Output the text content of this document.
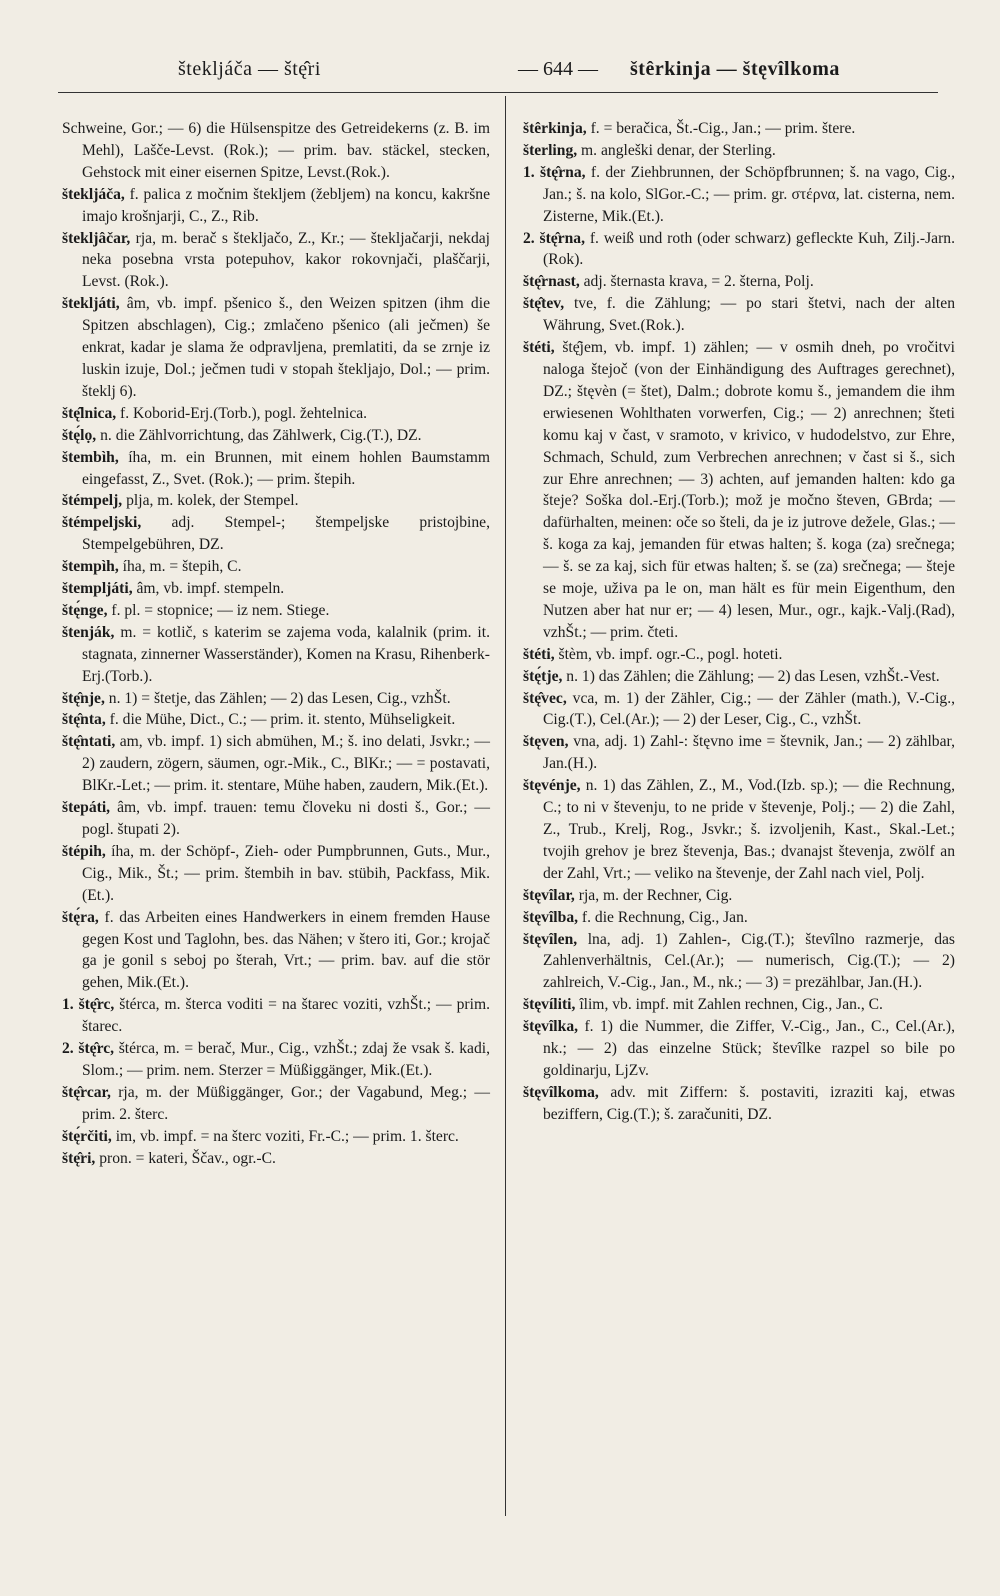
šteklјáča — štę̂ri	— 644 — štêrkinja — štęvîlkoma

Schweine, Gor.; — 6) die Hülsenspitze des Getreidekerns (z. B. im Mehl), Lašče-Levst. (Rok.); — prim. bav. stäckel, stecken, Gehstock mit einer eisernen Spitze, Levst.(Rok.).

šteklјáča, f. palica z močnim šteklјem (žeblјem) na koncu, kakršne imajo krošnjarji, C., Z., Rib.

šteklјâčar, rja, m. berač s šteklјačo, Z., Kr.; — šteklјačarji, nekdaj neka posebna vrsta potepuhov, kakor rokovnjači, plaščarji, Levst. (Rok.).

šteklјáti, âm, vb. impf. pšenico š., den Weizen spitzen (ihm die Spitzen abschlagen), Cig.; zmlačeno pšenico (ali ječmen) še enkrat, kadar je slama že odpravlјena, premlatiti, da se zrnje iz luskin izuje, Dol.; ječmen tudi v stopah šteklјajo, Dol.; — prim. šteklј 6).

štę̂lnica, f. Koborid-Erj.(Torb.), pogl. žehtelnica.

štę́lọ, n. die Zählvorrichtung, das Zählwerk, Cig.(T.), DZ.

štembìh, íha, m. ein Brunnen, mit einem hohlen Baumstamm eingefasst, Z., Svet. (Rok.); — prim. štepih.

štémpelј, plјa, m. kolek, der Stempel.

štémpelјski, adj. Stempel-; štempelјske pristojbine, Stempelgebühren, DZ.

štempìh, íha, m. = štepih, C.

štemplјáti, âm, vb. impf. stempeln.

štę́nge, f. pl. = stopnice; — iz nem. Stiege.

štenják, m. = kotlič, s katerim se zajema voda, kalalnik (prim. it. stagnata, zinnerner Wasserständer), Komen na Krasu, Rihenberk-Erj.(Torb.).

štę̂nje, n. 1) = štetje, das Zählen; — 2) das Lesen, Cig., vzhŠt.

štę̂nta, f. die Mühe, Dict., C.; — prim. it. stento, Mühseligkeit.

štę̂ntati, am, vb. impf. 1) sich abmühen, M.; š. ino delati, Jsvkr.; — 2) zaudern, zögern, säumen, ogr.-Mik., C., BlKr.; — = postavati, BlKr.-Let.; — prim. it. stentare, Mühe haben, zaudern, Mik.(Et.).

štepáti, âm, vb. impf. trauen: temu človeku ni dosti š., Gor.; — pogl. štupati 2).

štépih, íha, m. der Schöpf-, Zieh- oder Pumpbrunnen, Guts., Mur., Cig., Mik., Št.; — prim. štembih in bav. stübih, Packfass, Mik. (Et.).

štę́ra, f. das Arbeiten eines Handwerkers in einem fremden Hause gegen Kost und Taglohn, bes. das Nähen; v štero iti, Gor.; krojač ga je gonil s seboj po šterah, Vrt.; — prim. bav. auf die stör gehen, Mik.(Et.).

1. štę̂rc, štérca, m. šterca voditi = na štarec voziti, vzhŠt.; — prim. štarec.

2. štę̂rc, štérca, m. = berač, Mur., Cig., vzhŠt.; zdaj že vsak š. kadi, Slom.; — prim. nem. Sterzer = Müßiggänger, Mik.(Et.).

štę̂rcar, rja, m. der Müßiggänger, Gor.; der Vagabund, Meg.; — prim. 2. šterc.

štę́rčiti, im, vb. impf. = na šterc voziti, Fr.-C.; — prim. 1. šterc.

štę̂ri, pron. = kateri, Ščav., ogr.-C.

štêrkinja, f. = beračica, Št.-Cig., Jan.; — prim. štere.

šterling, m. angleški denar, der Sterling.

1. štę̂rna, f. der Ziehbrunnen, der Schöpfbrunnen; š. na vago, Cig., Jan.; š. na kolo, SlGor.-C.; — prim. gr. στέρνα, lat. cisterna, nem. Zisterne, Mik.(Et.).

2. štę̂rna, f. weiß und roth (oder schwarz) gefleckte Kuh, Zilj.-Jarn.(Rok).

štę̂rnast, adj. šternasta krava, = 2. šterna, Polj.

štę̂tev, tve, f. die Zählung; — po stari štetvi, nach der alten Währung, Svet.(Rok.).

štéti, štę̂jem, vb. impf. 1) zählen; — v osmih dneh, po vročitvi naloga štejoč (von der Einhändigung des Auftrages gerechnet), DZ.; štęvèn (= štet), Dalm.; dobrote komu š., jemandem die ihm erwiesenen Wohlthaten vorwerfen, Cig.; — 2) anrechnen; šteti komu kaj v čast, v sramoto, v krivico, v hudodelstvo, zur Ehre, Schmach, Schuld, zum Verbrechen anrechnen; v čast si š., sich zur Ehre anrechnen; — 3) achten, auf jemanden halten: kdo ga šteje? Soška dol.-Erj.(Torb.); mož je močno števen, GBrda; — dafürhalten, meinen: oče so šteli, da je iz jutrove dežele, Glas.; — š. koga za kaj, jemanden für etwas halten; š. koga (za) srečnega; — š. se za kaj, sich für etwas halten; š. se (za) srečnega; — šteje se moje, uživa pa le on, man hält es für mein Eigenthum, den Nutzen aber hat nur er; — 4) lesen, Mur., ogr., kajk.-Valj.(Rad), vzhŠt.; — prim. čteti.

štéti, štèm, vb. impf. ogr.-C., pogl. hoteti.

štę́tje, n. 1) das Zählen; die Zählung; — 2) das Lesen, vzhŠt.-Vest.

štę̂vec, vca, m. 1) der Zähler, Cig.; — der Zähler (math.), V.-Cig., Cig.(T.), Cel.(Ar.); — 2) der Leser, Cig., C., vzhŠt.

štęven, vna, adj. 1) Zahl-: štęvno ime = števnik, Jan.; — 2) zählbar, Jan.(H.).

štęvénje, n. 1) das Zählen, Z., M., Vod.(Izb. sp.); — die Rechnung, C.; to ni v števenju, to ne pride v števenje, Polj.; — 2) die Zahl, Z., Trub., Krelj, Rog., Jsvkr.; š. izvolјenih, Kast., Skal.-Let.; tvojih grehov je brez števenja, Bas.; dvanajst števenja, zwölf an der Zahl, Vrt.; — veliko na števenje, der Zahl nach viel, Polj.

štęvîlar, rja, m. der Rechner, Cig.

štęvîlba, f. die Rechnung, Cig., Jan.

štęvîlen, lna, adj. 1) Zahlen-, Cig.(T.); števîlno razmerje, das Zahlenverhältnis, Cel.(Ar.); — numerisch, Cig.(T.); — 2) zahlreich, V.-Cig., Jan., M., nk.; — 3) = prezählbar, Jan.(H.).

štęvíliti, îlim, vb. impf. mit Zahlen rechnen, Cig., Jan., C.

štęvîlka, f. 1) die Nummer, die Ziffer, V.-Cig., Jan., C., Cel.(Ar.), nk.; — 2) das einzelne Stück; števîlke razpel so bile po goldinarju, LjZv.

štęvîlkoma, adv. mit Ziffern: š. postaviti, izraziti kaj, etwas beziffern, Cig.(T.); š. zaračuniti, DZ.
